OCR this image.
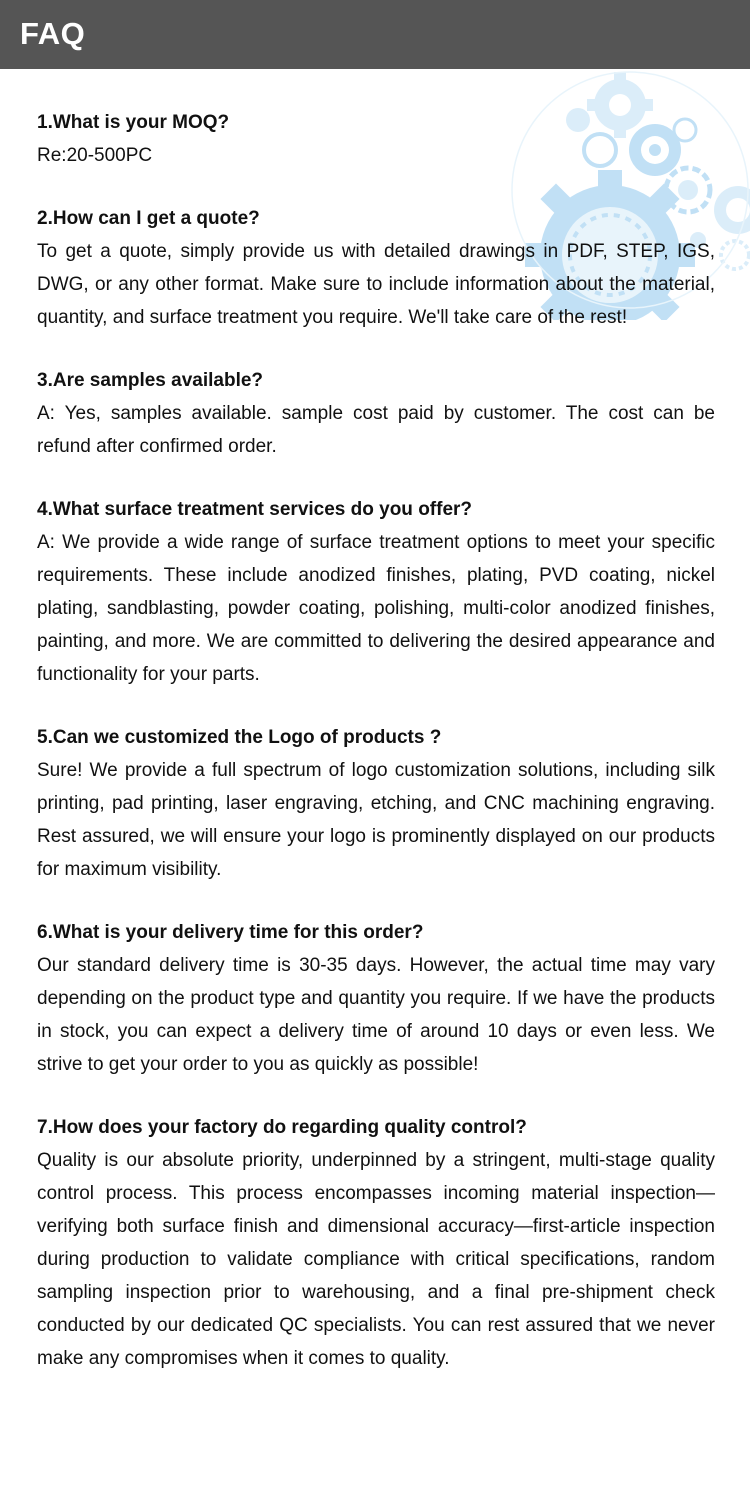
FAQ

1.What is your MOQ?

Re:20-500PC

2.How can I get a quote?

To get a quote, simply provide us with detailed drawings in PDF, STEP, IGS, DWG, or any other format. Make sure to include information about the material, quantity, and surface treatment you require. We'll take care of the rest!

3.Are samples available?

A: Yes, samples available. sample cost paid by customer. The cost can be refund after confirmed order.

4.What surface treatment services do you offer?

A: We provide a wide range of surface treatment options to meet your specific requirements. These include anodized finishes, plating, PVD coating, nickel plating, sandblasting, powder coating, polishing, multi-color anodized finishes, painting, and more. We are committed to delivering the desired appearance and functionality for your parts.

5.Can we customized the Logo of products ?

Sure! We provide a full spectrum of logo customization solutions, including silk printing, pad printing, laser engraving, etching, and CNC machining engraving. Rest assured, we will ensure your logo is prominently displayed on our products for maximum visibility.

6.What is your delivery time for this order?

Our standard delivery time is 30-35 days. However, the actual time may vary depending on the product type and quantity you require. If we have the products in stock, you can expect a delivery time of around 10 days or even less. We strive to get your order to you as quickly as possible!

7.How does your factory do regarding quality control?

Quality is our absolute priority, underpinned by a stringent, multi-stage quality control process. This process encompasses incoming material inspection—verifying both surface finish and dimensional accuracy—first-article inspection during production to validate compliance with critical specifications, random sampling inspection prior to warehousing, and a final pre-shipment check conducted by our dedicated QC specialists. You can rest assured that we never make any compromises when it comes to quality.
